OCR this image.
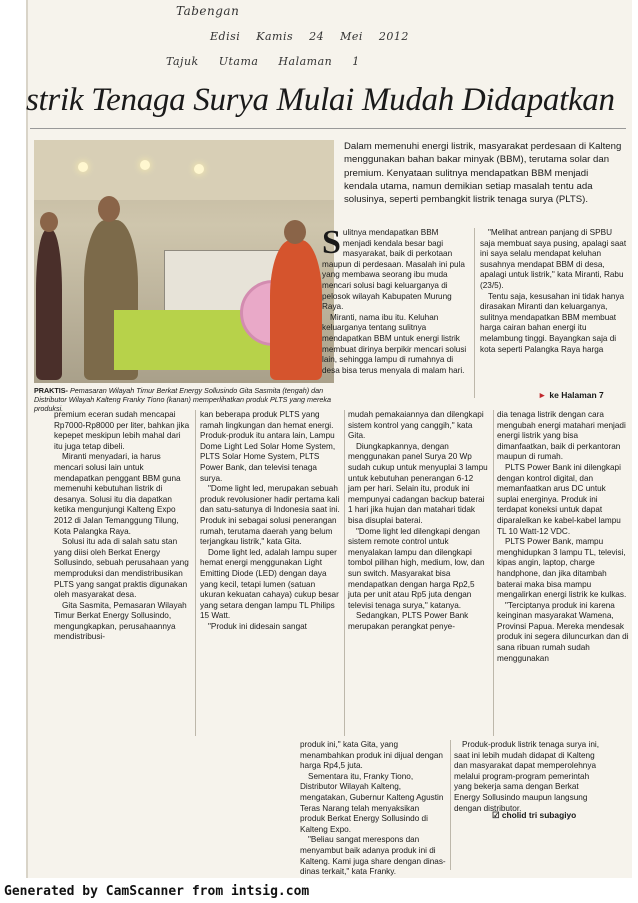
Tabengan
Edisi Kamis 24 Mei 2012
Tajuk Utama Halaman 1
strik Tenaga Surya Mulai Mudah Didapatkan
PRAKTIS- Pemasaran Wilayah Timur Berkat Energy Sollusindo Gita Sasmita (tengah) dan Distributor Wilayah Kalteng Franky Tiono (kanan) memperlihatkan produk PLTS yang mereka produksi.

Dalam memenuhi energi listrik, masyarakat perdesaan di Kalteng menggunakan bahan bakar minyak (BBM), terutama solar dan premium. Kenyataan sulitnya mendapatkan BBM menjadi kendala utama, namun demikian setiap masalah tentu ada solusinya, seperti pembangkit listrik tenaga surya (PLTS).

S ulitnya mendapatkan BBM menjadi kendala besar bagi masyarakat, baik di perkotaan maupun di perdesaan. Masalah ini pula yang membawa seorang ibu muda mencari solusi bagi keluarganya di pelosok wilayah Kabupaten Murung Raya.

Miranti, nama ibu itu. Keluhan keluarganya tentang sulitnya mendapatkan BBM untuk energi listrik membuat dirinya berpikir mencari solusi lain, sehingga lampu di rumahnya di desa bisa terus menyala di malam hari.

"Melihat antrean panjang di SPBU saja membuat saya pusing, apalagi saat ini saya selalu mendapat keluhan susahnya mendapat BBM di desa, apalagi untuk listrik," kata Miranti, Rabu (23/5).

Tentu saja, kesusahan ini tidak hanya dirasakan Miranti dan keluarganya, sulitnya mendapatkan BBM membuat harga cairan bahan energi itu melambung tinggi. Bayangkan saja di kota seperti Palangka Raya harga

► ke Halaman 7

premium eceran sudah mencapai Rp7000-Rp8000 per liter, bahkan jika kepepet meskipun lebih mahal dari itu juga tetap dibeli.

Miranti menyadari, ia harus mencari solusi lain untuk mendapatkan penggant BBM guna memenuhi kebutuhan listrik di desanya. Solusi itu dia dapatkan ketika mengunjungi Kalteng Expo 2012 di Jalan Temanggung Tilung, Kota Palangka Raya.

Solusi itu ada di salah satu stan yang diisi oleh Berkat Energy Sollusindo, sebuah perusahaan yang memproduksi dan mendistribusikan PLTS yang sangat praktis digunakan oleh masyarakat desa.

Gita Sasmita, Pemasaran Wilayah Timur Berkat Energy Sollusindo, mengungkapkan, perusahaannya mendistribusi-

kan beberapa produk PLTS yang ramah lingkungan dan hemat energi. Produk-produk itu antara lain, Lampu Dome Light Led Solar Home System, PLTS Solar Home System, PLTS Power Bank, dan televisi tenaga surya.

"Dome light led, merupakan sebuah produk revolusioner hadir pertama kali dan satu-satunya di Indonesia saat ini. Produk ini sebagai solusi penerangan rumah, terutama daerah yang belum terjangkau listrik," kata Gita.

Dome light led, adalah lampu super hemat energi menggunakan Light Emitting Diode (LED) dengan daya yang kecil, tetapi lumen (satuan ukuran kekuatan cahaya) cukup besar yang setara dengan lampu TL Philips 15 Watt.

"Produk ini didesain sangat

mudah pemakaiannya dan dilengkapi sistem kontrol yang canggih," kata Gita.

Diungkapkannya, dengan menggunakan panel Surya 20 Wp sudah cukup untuk menyuplai 3 lampu untuk kebutuhan penerangan 6-12 jam per hari. Selain itu, produk ini mempunyai cadangan backup baterai 1 hari jika hujan dan matahari tidak bisa disuplai baterai.

"Dome light led dilengkapi dengan sistem remote control untuk menyalakan lampu dan dilengkapi tombol pilihan high, medium, low, dan sun switch. Masyarakat bisa mendapatkan dengan harga Rp2,5 juta per unit atau Rp5 juta dengan televisi tenaga surya," katanya.

Sedangkan, PLTS Power Bank merupakan perangkat penye-

dia tenaga listrik dengan cara mengubah energi matahari menjadi energi listrik yang bisa dimanfaatkan, baik di perkantoran maupun di rumah.

PLTS Power Bank ini dilengkapi dengan kontrol digital, dan memanfaatkan arus DC untuk suplai energinya. Produk ini terdapat koneksi untuk dapat diparalelkan ke kabel-kabel lampu TL 10 Watt-12 VDC.

PLTS Power Bank, mampu menghidupkan 3 lampu TL, televisi, kipas angin, laptop, charge handphone, dan jika ditambah baterai maka bisa mampu mengalirkan energi listrik ke kulkas.

"Terciptanya produk ini karena keinginan masyarakat Wamena, Provinsi Papua. Mereka mendesak produk ini segera diluncurkan dan di sana ribuan rumah sudah menggunakan

produk ini," kata Gita, yang menambahkan produk ini dijual dengan harga Rp4,5 juta.

Sementara itu, Franky Tiono, Distributor Wilayah Kalteng, mengatakan, Gubernur Kalteng Agustin Teras Narang telah menyaksikan produk Berkat Energy Sollusindo di Kalteng Expo.

"Beliau sangat merespons dan menyambut baik adanya produk ini di Kalteng. Kami juga share dengan dinas-dinas terkait," kata Franky.

Produk-produk listrik tenaga surya ini, saat ini lebih mudah didapat di Kalteng dan masyarakat dapat memperolehnya melalui program-program pemerintah yang bekerja sama dengan Berkat Energy Sollusindo maupun langsung dengan distributor.

☑ cholid tri subagiyo
Generated by CamScanner from intsig.com
